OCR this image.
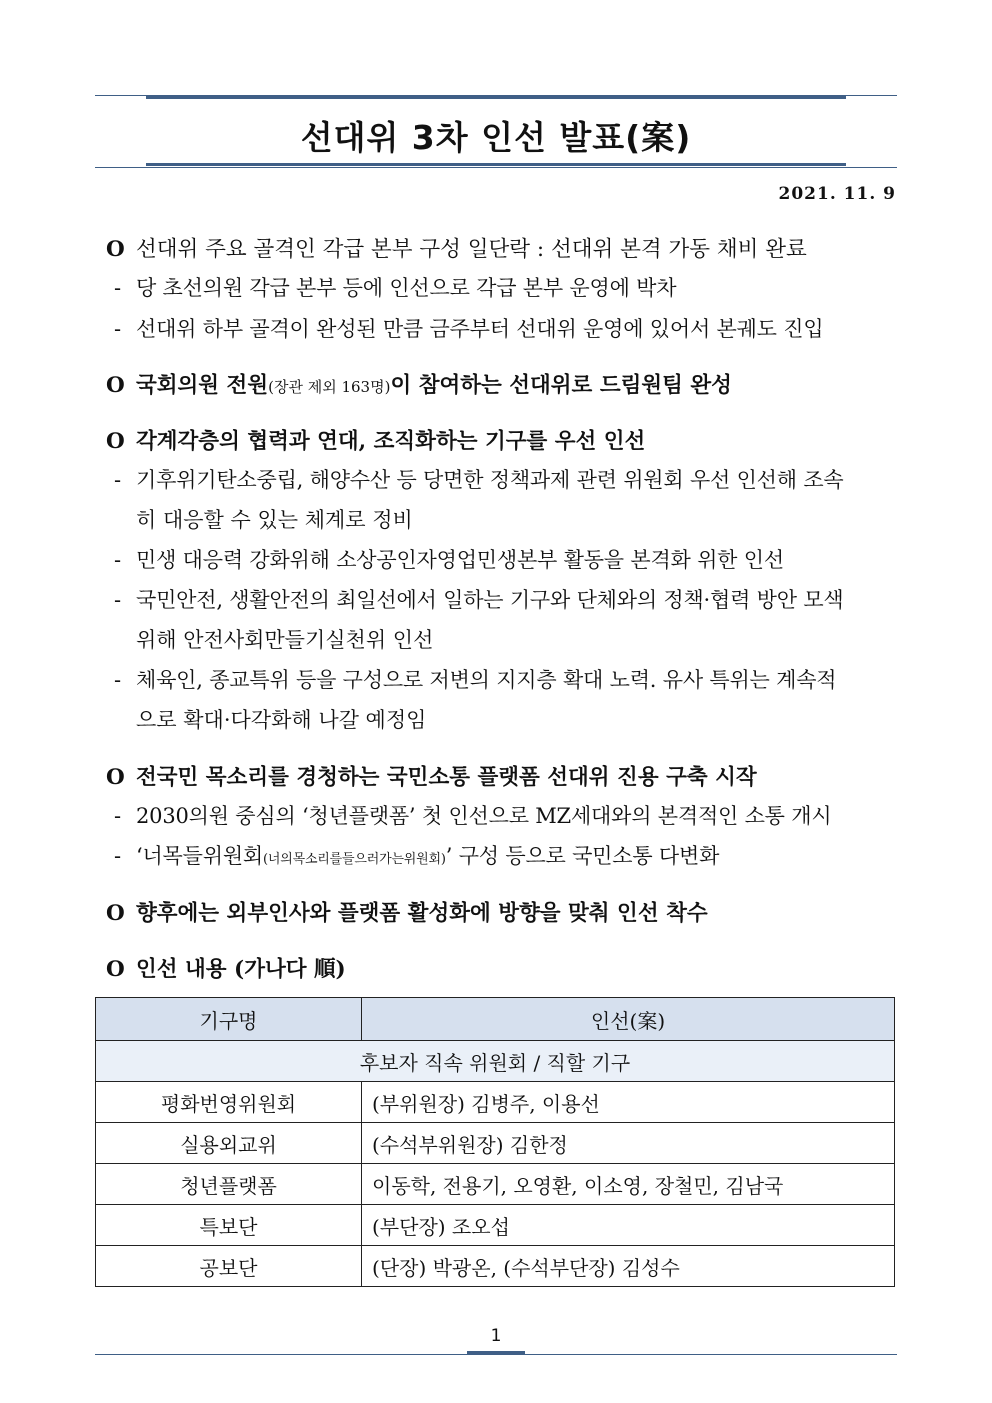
선대위 3차 인선 발표(案)
2021. 11. 9
O 선대위 주요 골격인 각급 본부 구성 일단락 : 선대위 본격 가동 채비 완료
- 당 초선의원 각급 본부 등에 인선으로 각급 본부 운영에 박차
- 선대위 하부 골격이 완성된 만큼 금주부터 선대위 운영에 있어서 본궤도 진입
O 국회의원 전원(장관 제외 163명)이 참여하는 선대위로 드림원팀 완성
O 각계각층의 협력과 연대, 조직화하는 기구를 우선 인선
- 기후위기탄소중립, 해양수산 등 당면한 정책과제 관련 위원회 우선 인선해 조속
히 대응할 수 있는 체계로 정비
- 민생 대응력 강화위해 소상공인자영업민생본부 활동을 본격화 위한 인선
- 국민안전, 생활안전의 최일선에서 일하는 기구와 단체와의 정책·협력 방안 모색
위해 안전사회만들기실천위 인선
- 체육인, 종교특위 등을 구성으로 저변의 지지층 확대 노력. 유사 특위는 계속적
으로 확대·다각화해 나갈 예정임
O 전국민 목소리를 경청하는 국민소통 플랫폼 선대위 진용 구축 시작
- 2030의원 중심의 ‘청년플랫폼’ 첫 인선으로 MZ세대와의 본격적인 소통 개시
- ‘너목들위원회(너의목소리를들으러가는위원회)’ 구성 등으로 국민소통 다변화
O 향후에는 외부인사와 플랫폼 활성화에 방향을 맞춰 인선 착수
O 인선 내용 (가나다 順)
기구명	인선(案)
후보자 직속 위원회 / 직할 기구	
평화번영위원회	(부위원장) 김병주, 이용선
실용외교위	(수석부위원장) 김한정
청년플랫폼	이동학, 전용기, 오영환, 이소영, 장철민, 김남국
특보단	(부단장) 조오섭
공보단	(단장) 박광온, (수석부단장) 김성수
1
